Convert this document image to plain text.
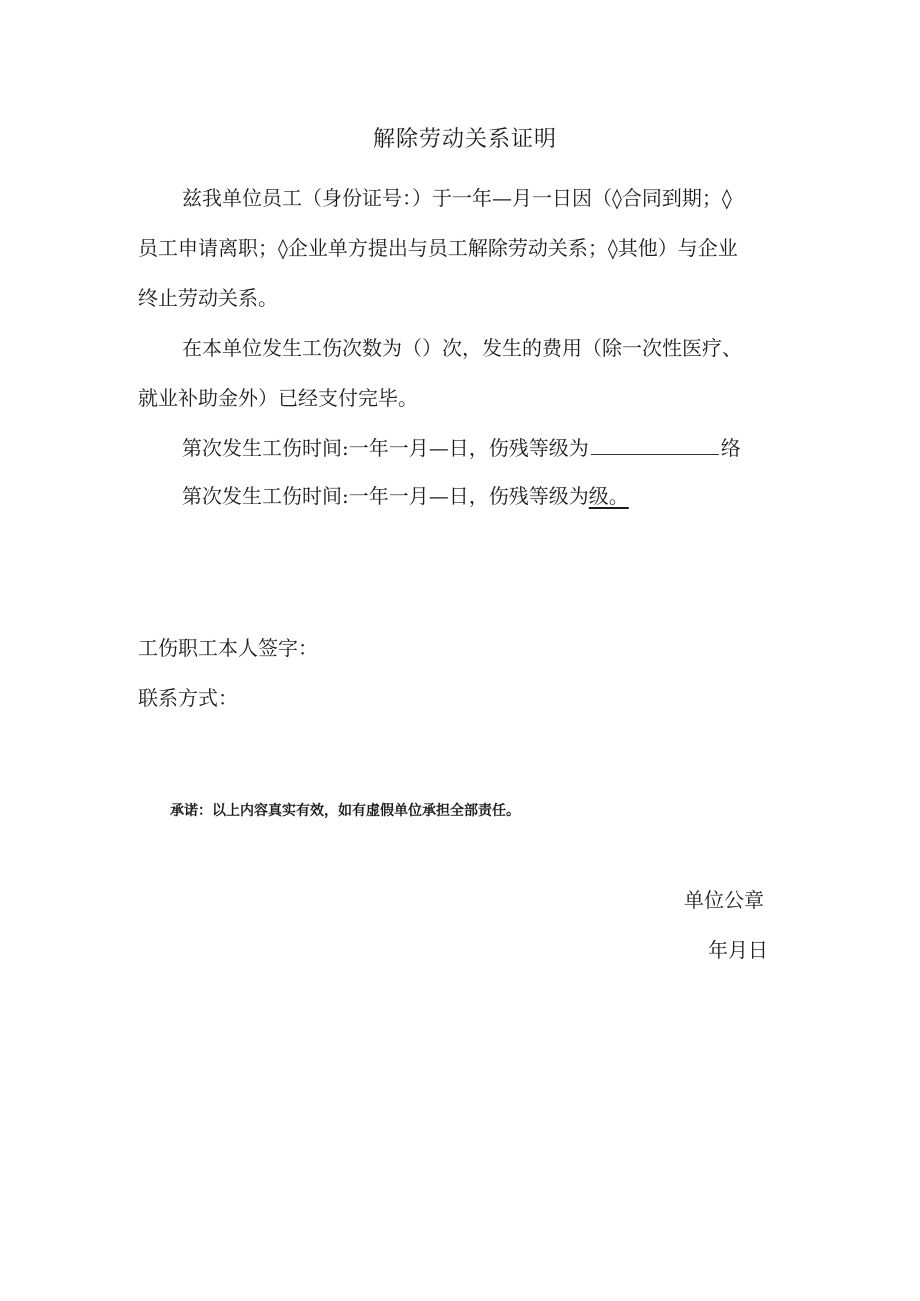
解除劳动关系证明
兹我单位员工（身份证号：）于一年—月一日因（◊合同到期；◊
员工申请离职；◊企业单方提出与员工解除劳动关系；◊其他）与企业
终止劳动关系。
在本单位发生工伤次数为（）次，发生的费用（除一次性医疗、
就业补助金外）已经支付完毕。
第次发生工伤时间:一年一月—日，伤残等级为	络
第次发生工伤时间:一年一月—日，伤残等级为级。
工伤职工本人签字：
联系方式：
承诺：以上内容真实有效，如有虚假单位承担全部责任。
单位公章
年月日
